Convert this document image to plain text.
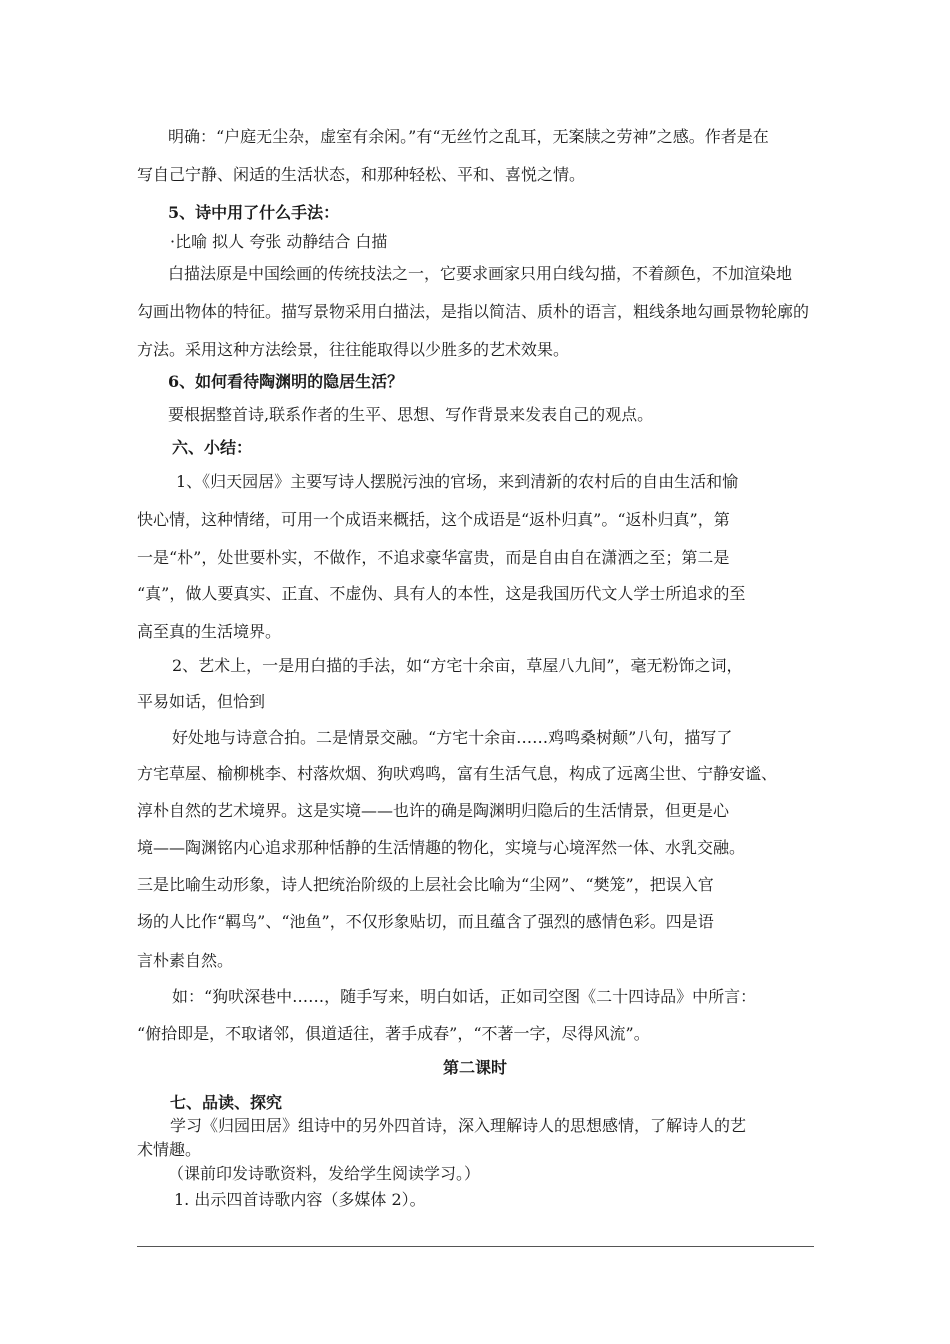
明确：“户庭无尘杂，虚室有余闲。”有“无丝竹之乱耳，无案牍之劳神”之感。作者是在
写自己宁静、闲适的生活状态，和那种轻松、平和、喜悦之情。
5、诗中用了什么手法：
·比喻 拟人 夸张 动静结合 白描
白描法原是中国绘画的传统技法之一，它要求画家只用白线勾描，不着颜色，不加渲染地
勾画出物体的特征。描写景物采用白描法，是指以简洁、质朴的语言，粗线条地勾画景物轮廓的
方法。采用这种方法绘景，往往能取得以少胜多的艺术效果。
6、如何看待陶渊明的隐居生活？
要根据整首诗,联系作者的生平、思想、写作背景来发表自己的观点。
六、小结：
1、《归天园居》主要写诗人摆脱污浊的官场，来到清新的农村后的自由生活和愉
快心情，这种情绪，可用一个成语来概括，这个成语是“返朴归真”。“返朴归真”，第
一是“朴”，处世要朴实，不做作，不追求豪华富贵，而是自由自在潇洒之至；第二是
“真”，做人要真实、正直、不虚伪、具有人的本性，这是我国历代文人学士所追求的至
高至真的生活境界。
2、艺术上，一是用白描的手法，如“方宅十余亩，草屋八九间”，毫无粉饰之词，
平易如话，但恰到
好处地与诗意合拍。二是情景交融。“方宅十余亩……鸡鸣桑树颠”八句，描写了
方宅草屋、榆柳桃李、村落炊烟、狗吠鸡鸣，富有生活气息，构成了远离尘世、宁静安谧、
淳朴自然的艺术境界。这是实境——也许的确是陶渊明归隐后的生活情景，但更是心
境——陶渊铭内心追求那种恬静的生活情趣的物化，实境与心境浑然一体、水乳交融。
三是比喻生动形象，诗人把统治阶级的上层社会比喻为“尘网”、“樊笼”，把误入官
场的人比作“羁鸟”、“池鱼”，不仅形象贴切，而且蕴含了强烈的感情色彩。四是语
言朴素自然。
如：“狗吠深巷中……，随手写来，明白如话，正如司空图《二十四诗品》中所言：
“俯拾即是，不取诸邻，俱道适往，著手成春”，“不著一字，尽得风流”。
第二课时
七、品读、探究
学习《归园田居》组诗中的另外四首诗，深入理解诗人的思想感情，了解诗人的艺
术情趣。
（课前印发诗歌资料，发给学生阅读学习。）
1. 出示四首诗歌内容（多媒体 2）。
